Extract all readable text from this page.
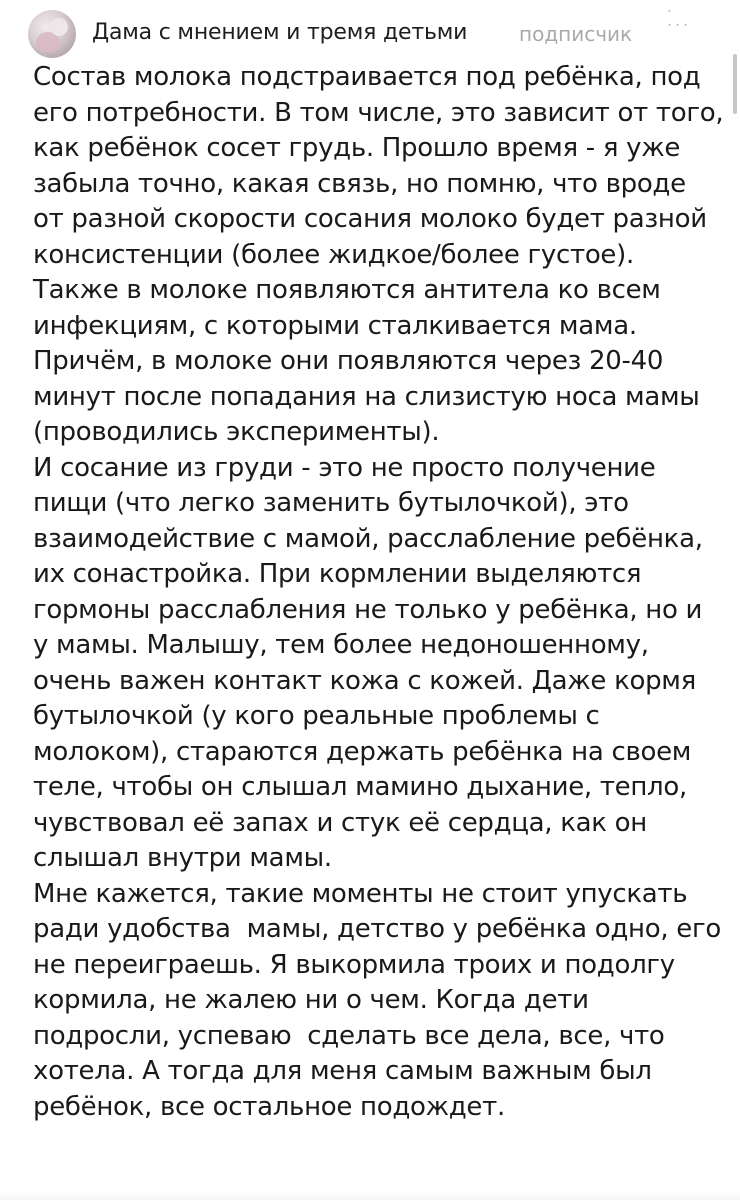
Дама с мнением и тремя детьми	подписчик
˙ ˙˙˙

Состав молока подстраивается под ребёнка, под

его потребности. В том числе, это зависит от того,

как ребёнок сосет грудь. Прошло время - я уже

забыла точно, какая связь, но помню, что вроде

от разной скорости сосания молоко будет разной

консистенции (более жидкое/более густое).

Также в молоке появляются антитела ко всем

инфекциям, с которыми сталкивается мама.

Причём, в молоке они появляются через 20-40

минут после попадания на слизистую носа мамы

(проводились эксперименты).

И сосание из груди - это не просто получение

пищи (что легко заменить бутылочкой), это

взаимодействие с мамой, расслабление ребёнка,

их сонастройка. При кормлении выделяются

гормоны расслабления не только у ребёнка, но и

у мамы. Малышу, тем более недоношенному,

очень важен контакт кожа с кожей. Даже кормя

бутылочкой (у кого реальные проблемы с

молоком), стараются держать ребёнка на своем

теле, чтобы он слышал мамино дыхание, тепло,

чувствовал её запах и стук её сердца, как он

слышал внутри мамы.

Мне кажется, такие моменты не стоит упускать

ради удобства  мамы, детство у ребёнка одно, его

не переиграешь. Я выкормила троих и подолгу

кормила, не жалею ни о чем. Когда дети

подросли, успеваю  сделать все дела, все, что

хотела. А тогда для меня самым важным был

ребёнок, все остальное подождет.
